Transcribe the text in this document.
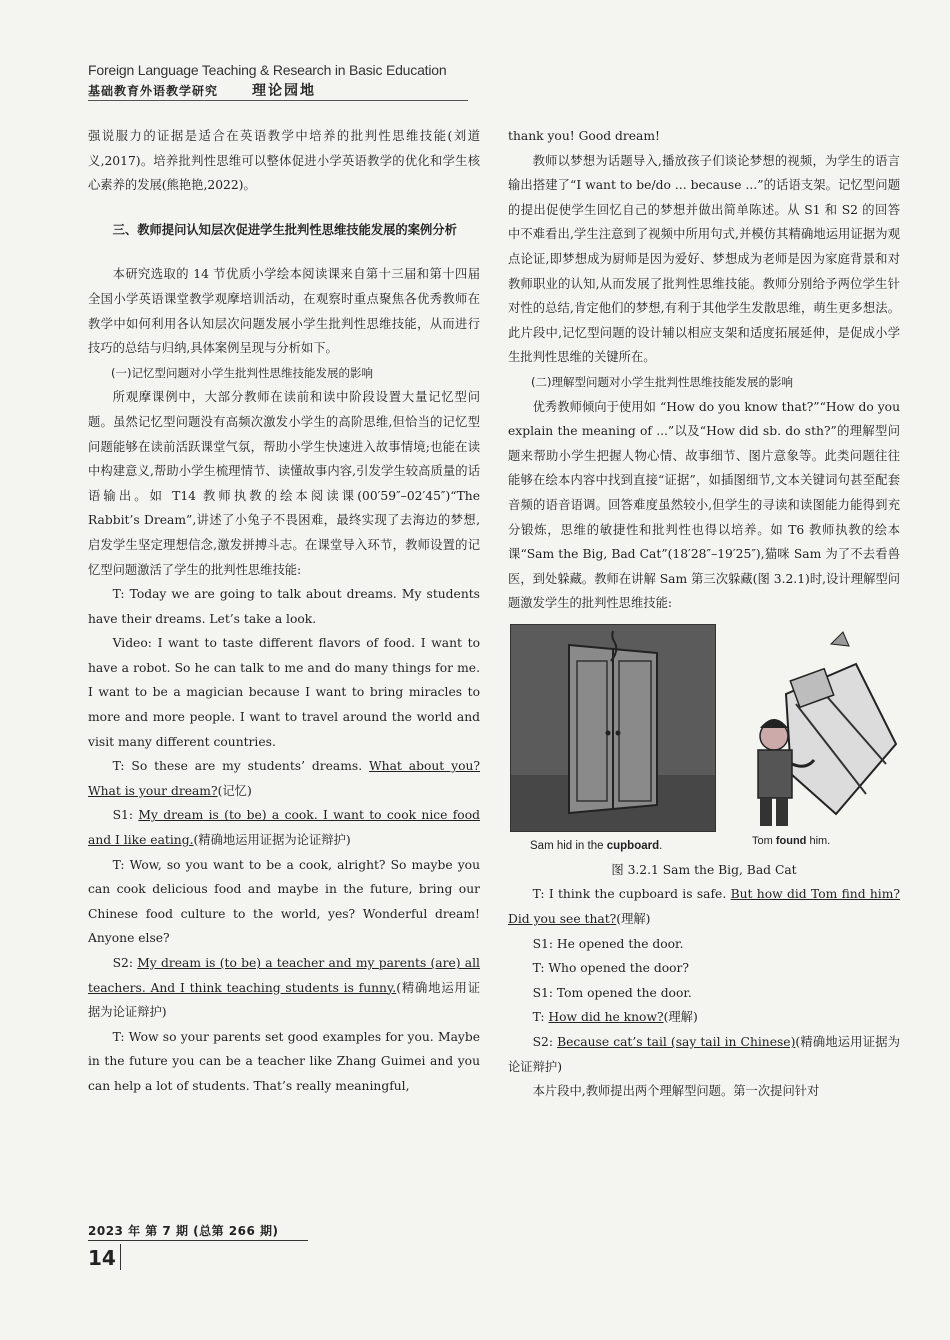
Foreign Language Teaching & Research in Basic Education
基础教育外语教学研究 理论园地

强说服力的证据是适合在英语教学中培养的批判性思维技能(刘道义,2017)。培养批判性思维可以整体促进小学英语教学的优化和学生核心素养的发展(熊艳艳,2022)。

三、教师提问认知层次促进学生批判性思维技能发展的案例分析

本研究选取的 14 节优质小学绘本阅读课来自第十三届和第十四届全国小学英语课堂教学观摩培训活动，在观察时重点聚焦各优秀教师在教学中如何利用各认知层次问题发展小学生批判性思维技能，从而进行技巧的总结与归纳,具体案例呈现与分析如下。

(一)记忆型问题对小学生批判性思维技能发展的影响

所观摩课例中，大部分教师在读前和读中阶段设置大量记忆型问题。虽然记忆型问题没有高频次激发小学生的高阶思维,但恰当的记忆型问题能够在读前活跃课堂气氛，帮助小学生快速进入故事情境;也能在读中构建意义,帮助小学生梳理情节、读懂故事内容,引发学生较高质量的话语输出。如 T14 教师执教的绘本阅读课(00′59″–02′45″)“The Rabbit’s Dream”,讲述了小兔子不畏困难，最终实现了去海边的梦想,启发学生坚定理想信念,激发拼搏斗志。在课堂导入环节，教师设置的记忆型问题激活了学生的批判性思维技能:

T: Today we are going to talk about dreams. My students have their dreams. Let’s take a look.

Video: I want to taste different flavors of food. I want to have a robot. So he can talk to me and do many things for me. I want to be a magician because I want to bring miracles to more and more people. I want to travel around the world and visit many different countries.

T: So these are my students’ dreams. What about you? What is your dream?(记忆)

S1: My dream is (to be) a cook. I want to cook nice food and I like eating.(精确地运用证据为论证辩护)

T: Wow, so you want to be a cook, alright? So maybe you can cook delicious food and maybe in the future, bring our Chinese food culture to the world, yes? Wonderful dream! Anyone else?

S2: My dream is (to be) a teacher and my parents (are) all teachers. And I think teaching students is funny.(精确地运用证据为论证辩护)

T: Wow so your parents set good examples for you. Maybe in the future you can be a teacher like Zhang Guimei and you can help a lot of students. That’s really meaningful,

thank you! Good dream!

教师以梦想为话题导入,播放孩子们谈论梦想的视频，为学生的语言输出搭建了“I want to be/do ... because ...”的话语支架。记忆型问题的提出促使学生回忆自己的梦想并做出简单陈述。从 S1 和 S2 的回答中不难看出,学生注意到了视频中所用句式,并模仿其精确地运用证据为观点论证,即梦想成为厨师是因为爱好、梦想成为老师是因为家庭背景和对教师职业的认知,从而发展了批判性思维技能。教师分别给予两位学生针对性的总结,肯定他们的梦想,有利于其他学生发散思维，萌生更多想法。此片段中,记忆型问题的设计辅以相应支架和适度拓展延伸，是促成小学生批判性思维的关键所在。

(二)理解型问题对小学生批判性思维技能发展的影响

优秀教师倾向于使用如 “How do you know that?”“How do you explain the meaning of ...”以及“How did sb. do sth?”的理解型问题来帮助小学生把握人物心情、故事细节、图片意象等。此类问题往往能够在绘本内容中找到直接“证据”，如插图细节,文本关键词句甚至配套音频的语音语调。回答难度虽然较小,但学生的寻读和读图能力能得到充分锻炼，思维的敏捷性和批判性也得以培养。如 T6 教师执教的绘本课“Sam the Big, Bad Cat”(18′28″–19′25″),猫咪 Sam 为了不去看兽医，到处躲藏。教师在讲解 Sam 第三次躲藏(图 3.2.1)时,设计理解型问题激发学生的批判性思维技能:

Sam hid in the cupboard.	Tom found him.

图 3.2.1 Sam the Big, Bad Cat

T: I think the cupboard is safe. But how did Tom find him? Did you see that?(理解)

S1: He opened the door.

T: Who opened the door?

S1: Tom opened the door.

T: How did he know?(理解)

S2: Because cat’s tail (say tail in Chinese)(精确地运用证据为论证辩护)

本片段中,教师提出两个理解型问题。第一次提问针对

2023 年 第 7 期 (总第 266 期)
14
